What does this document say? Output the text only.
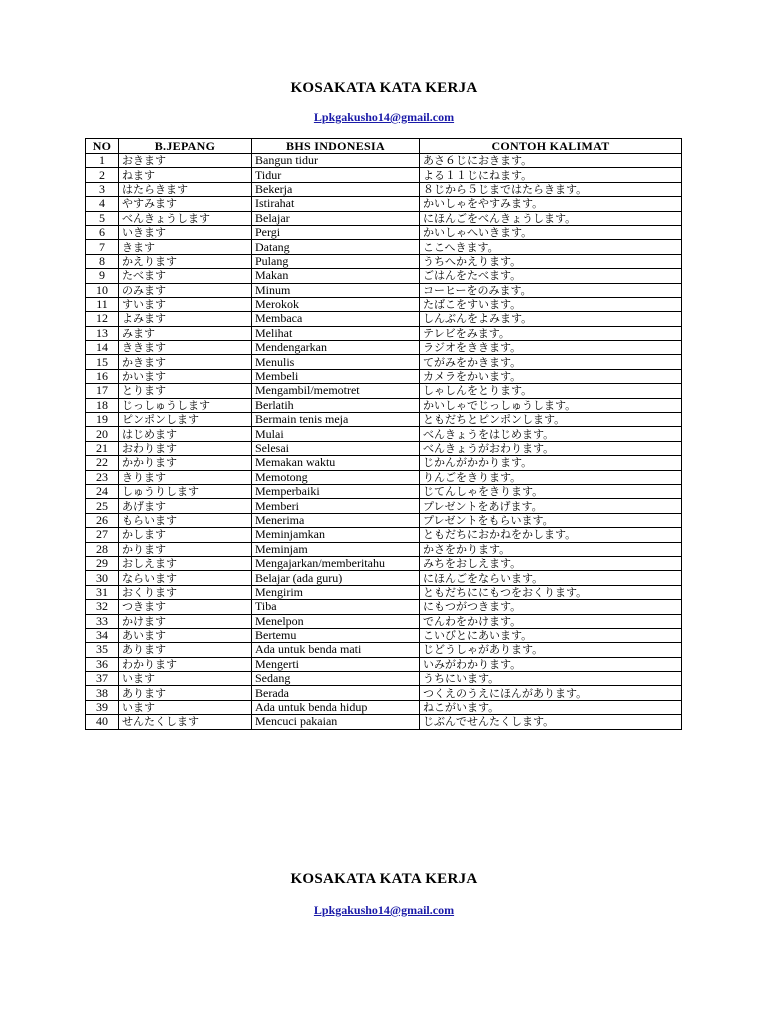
KOSAKATA KATA KERJA
Lpkgakusho14@gmail.com
NO	B.JEPANG	BHS INDONESIA	CONTOH KALIMAT
1	おきます	Bangun tidur	あさ６じにおきます。
2	ねます	Tidur	よる１１じにねます。
3	はたらきます	Bekerja	８じから５じまではたらきます。
4	やすみます	Istirahat	かいしゃをやすみます。
5	べんきょうします	Belajar	にほんごをべんきょうします。
6	いきます	Pergi	かいしゃへいきます。
7	きます	Datang	ここへきます。
8	かえります	Pulang	うちへかえります。
9	たべます	Makan	ごはんをたべます。
10	のみます	Minum	コーヒーをのみます。
11	すいます	Merokok	たばこをすいます。
12	よみます	Membaca	しんぶんをよみます。
13	みます	Melihat	テレビをみます。
14	ききます	Mendengarkan	ラジオをききます。
15	かきます	Menulis	てがみをかきます。
16	かいます	Membeli	カメラをかいます。
17	とります	Mengambil/memotret	しゃしんをとります。
18	じっしゅうします	Berlatih	かいしゃでじっしゅうします。
19	ピンポンします	Bermain tenis meja	ともだちとピンポンします。
20	はじめます	Mulai	べんきょうをはじめます。
21	おわります	Selesai	べんきょうがおわります。
22	かかります	Memakan waktu	じかんがかかります。
23	きります	Memotong	りんごをきります。
24	しゅうりします	Memperbaiki	じてんしゃをきります。
25	あげます	Memberi	プレゼントをあげます。
26	もらいます	Menerima	プレゼントをもらいます。
27	かします	Meminjamkan	ともだちにおかねをかします。
28	かります	Meminjam	かさをかります。
29	おしえます	Mengajarkan/memberitahu	みちをおしえます。
30	ならいます	Belajar (ada guru)	にほんごをならいます。
31	おくります	Mengirim	ともだちににもつをおくります。
32	つきます	Tiba	にもつがつきます。
33	かけます	Menelpon	でんわをかけます。
34	あいます	Bertemu	こいびとにあいます。
35	あります	Ada untuk benda mati	じどうしゃがあります。
36	わかります	Mengerti	いみがわかります。
37	います	Sedang	うちにいます。
38	あります	Berada	つくえのうえにほんがあります。
39	います	Ada untuk benda hidup	ねこがいます。
40	せんたくします	Mencuci pakaian	じぶんでせんたくします。
KOSAKATA KATA KERJA
Lpkgakusho14@gmail.com
